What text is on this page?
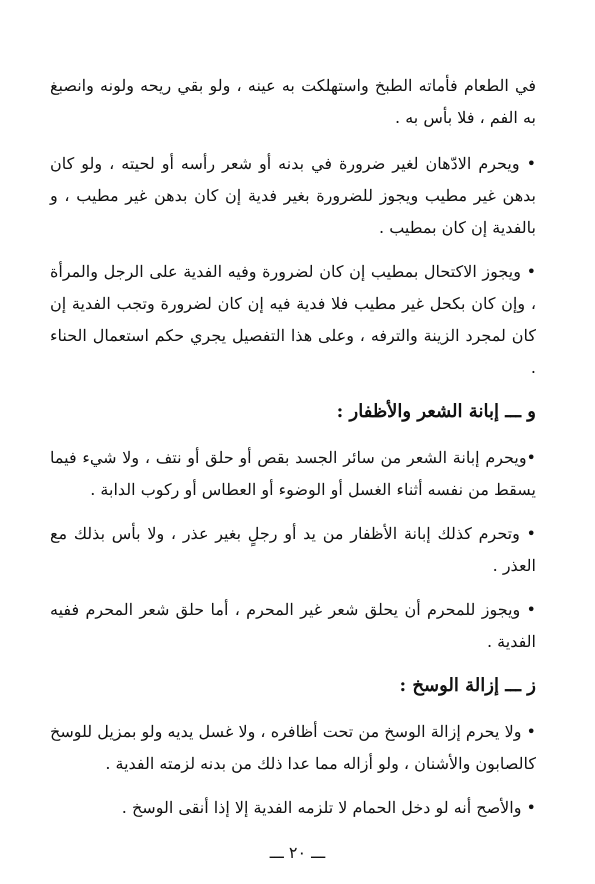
في الطعام فأماته الطبخ واستهلكت به عينه ، ولو بقي ريحه ولونه وانصبغ به الفم ، فلا بأس به .

• ويحرم الادّهان لغير ضرورة في بدنه أو شعر رأسه أو لحيته ، ولو كان بدهن غير مطيب ويجوز للضرورة بغير فدية إن كان بدهن غير مطيب ، و بالفدية إن كان بمطيب .

• ويجوز الاكتحال بمطيب إن كان لضرورة وفيه الفدية على الرجل والمرأة ، وإن كان بكحل غير مطيب فلا فدية فيه إن كان لضرورة وتجب الفدية إن كان لمجرد الزينة والترفه ، وعلى هذا التفصيل يجري حكم استعمال الحناء .

و ـــ إبانة الشعر والأظفار :

•ويحرم إبانة الشعر من سائر الجسد بقص أو حلق أو نتف ، ولا شيء فيما يسقط من نفسه أثناء الغسل أو الوضوء أو العطاس أو ركوب الدابة .

• وتحرم كذلك إبانة الأظفار من يد أو رجلٍ بغير عذر ، ولا بأس بذلك مع العذر .

• ويجوز للمحرم أن يحلق شعر غير المحرم ، أما حلق شعر المحرم ففيه الفدية .

ز ـــ إزالة الوسخ :

• ولا يحرم إزالة الوسخ من تحت أظافره ، ولا غسل يديه ولو بمزيل للوسخ كالصابون والأشنان ، ولو أزاله مما عدا ذلك من بدنه لزمته الفدية .

• والأصح أنه لو دخل الحمام لا تلزمه الفدية إلا إذا أنقى الوسخ .

ـــ ٢٠ ـــ
